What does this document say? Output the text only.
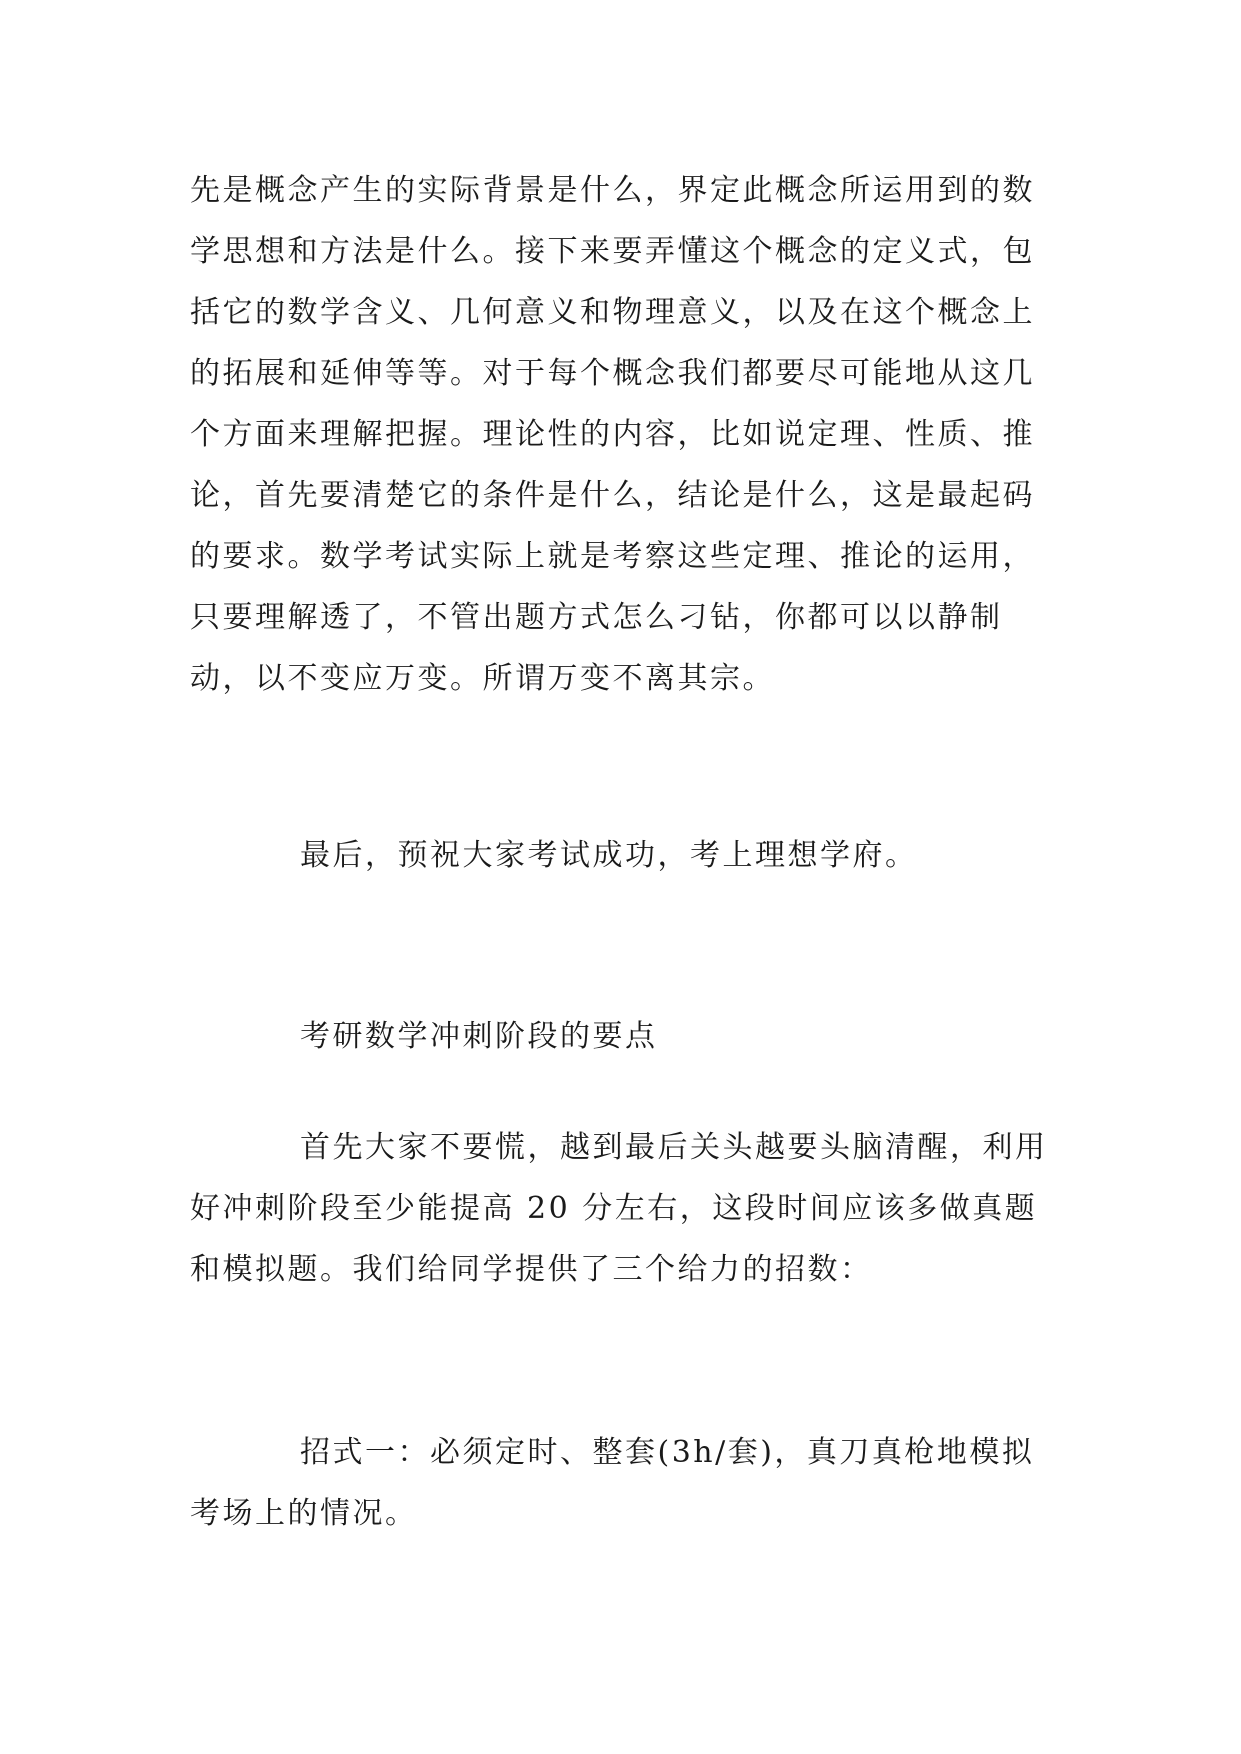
先是概念产生的实际背景是什么，界定此概念所运用到的数学思想和方法是什么。接下来要弄懂这个概念的定义式，包括它的数学含义、几何意义和物理意义，以及在这个概念上的拓展和延伸等等。对于每个概念我们都要尽可能地从这几个方面来理解把握。理论性的内容，比如说定理、性质、推论，首先要清楚它的条件是什么，结论是什么，这是最起码的要求。数学考试实际上就是考察这些定理、推论的运用，只要理解透了，不管出题方式怎么刁钻，你都可以以静制动，以不变应万变。所谓万变不离其宗。

最后，预祝大家考试成功，考上理想学府。

考研数学冲刺阶段的要点

首先大家不要慌，越到最后关头越要头脑清醒，利用好冲刺阶段至少能提高 20 分左右，这段时间应该多做真题和模拟题。我们给同学提供了三个给力的招数：

招式一：必须定时、整套(3h/套)，真刀真枪地模拟考场上的情况。
